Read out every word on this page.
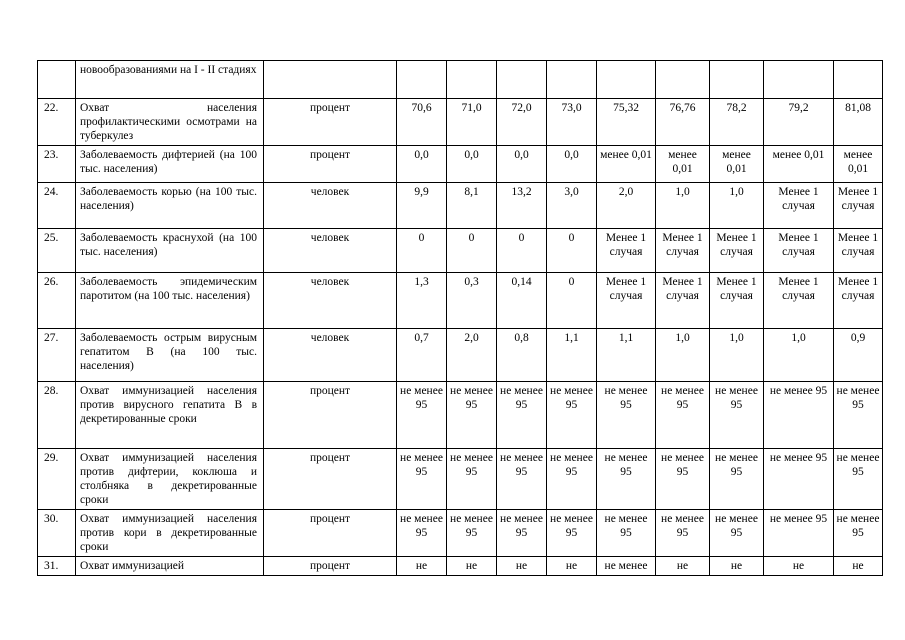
	новообразованиями на I - II стадиях										
22.	Охват населения профилактическими осмотрами на туберкулез	процент	70,6	71,0	72,0	73,0	75,32	76,76	78,2	79,2	81,08
23.	Заболеваемость дифтерией (на 100 тыс. населения)	процент	0,0	0,0	0,0	0,0	менее 0,01	менее 0,01	менее 0,01	менее 0,01	менее 0,01
24.	Заболеваемость корью (на 100 тыс. населения)	человек	9,9	8,1	13,2	3,0	2,0	1,0	1,0	Менее 1 случая	Менее 1 случая
25.	Заболеваемость краснухой (на 100 тыс. населения)	человек	0	0	0	0	Менее 1 случая	Менее 1 случая	Менее 1 случая	Менее 1 случая	Менее 1 случая
26.	Заболеваемость эпидемическим паротитом (на 100 тыс. населения)	человек	1,3	0,3	0,14	0	Менее 1 случая	Менее 1 случая	Менее 1 случая	Менее 1 случая	Менее 1 случая
27.	Заболеваемость острым вирусным гепатитом В (на 100 тыс. населения)	человек	0,7	2,0	0,8	1,1	1,1	1,0	1,0	1,0	0,9
28.	Охват иммунизацией населения против вирусного гепатита В в декретированные сроки	процент	не менее 95	не менее 95	не менее 95	не менее 95	не менее 95	не менее 95	не менее 95	не менее 95	не менее 95
29.	Охват иммунизацией населения против дифтерии, коклюша и столбняка в декретированные сроки	процент	не менее 95	не менее 95	не менее 95	не менее 95	не менее 95	не менее 95	не менее 95	не менее 95	не менее 95
30.	Охват иммунизацией населения против кори в декретированные сроки	процент	не менее 95	не менее 95	не менее 95	не менее 95	не менее 95	не менее 95	не менее 95	не менее 95	не менее 95
31.	Охват иммунизацией	процент	не	не	не	не	не менее	не	не	не	не
